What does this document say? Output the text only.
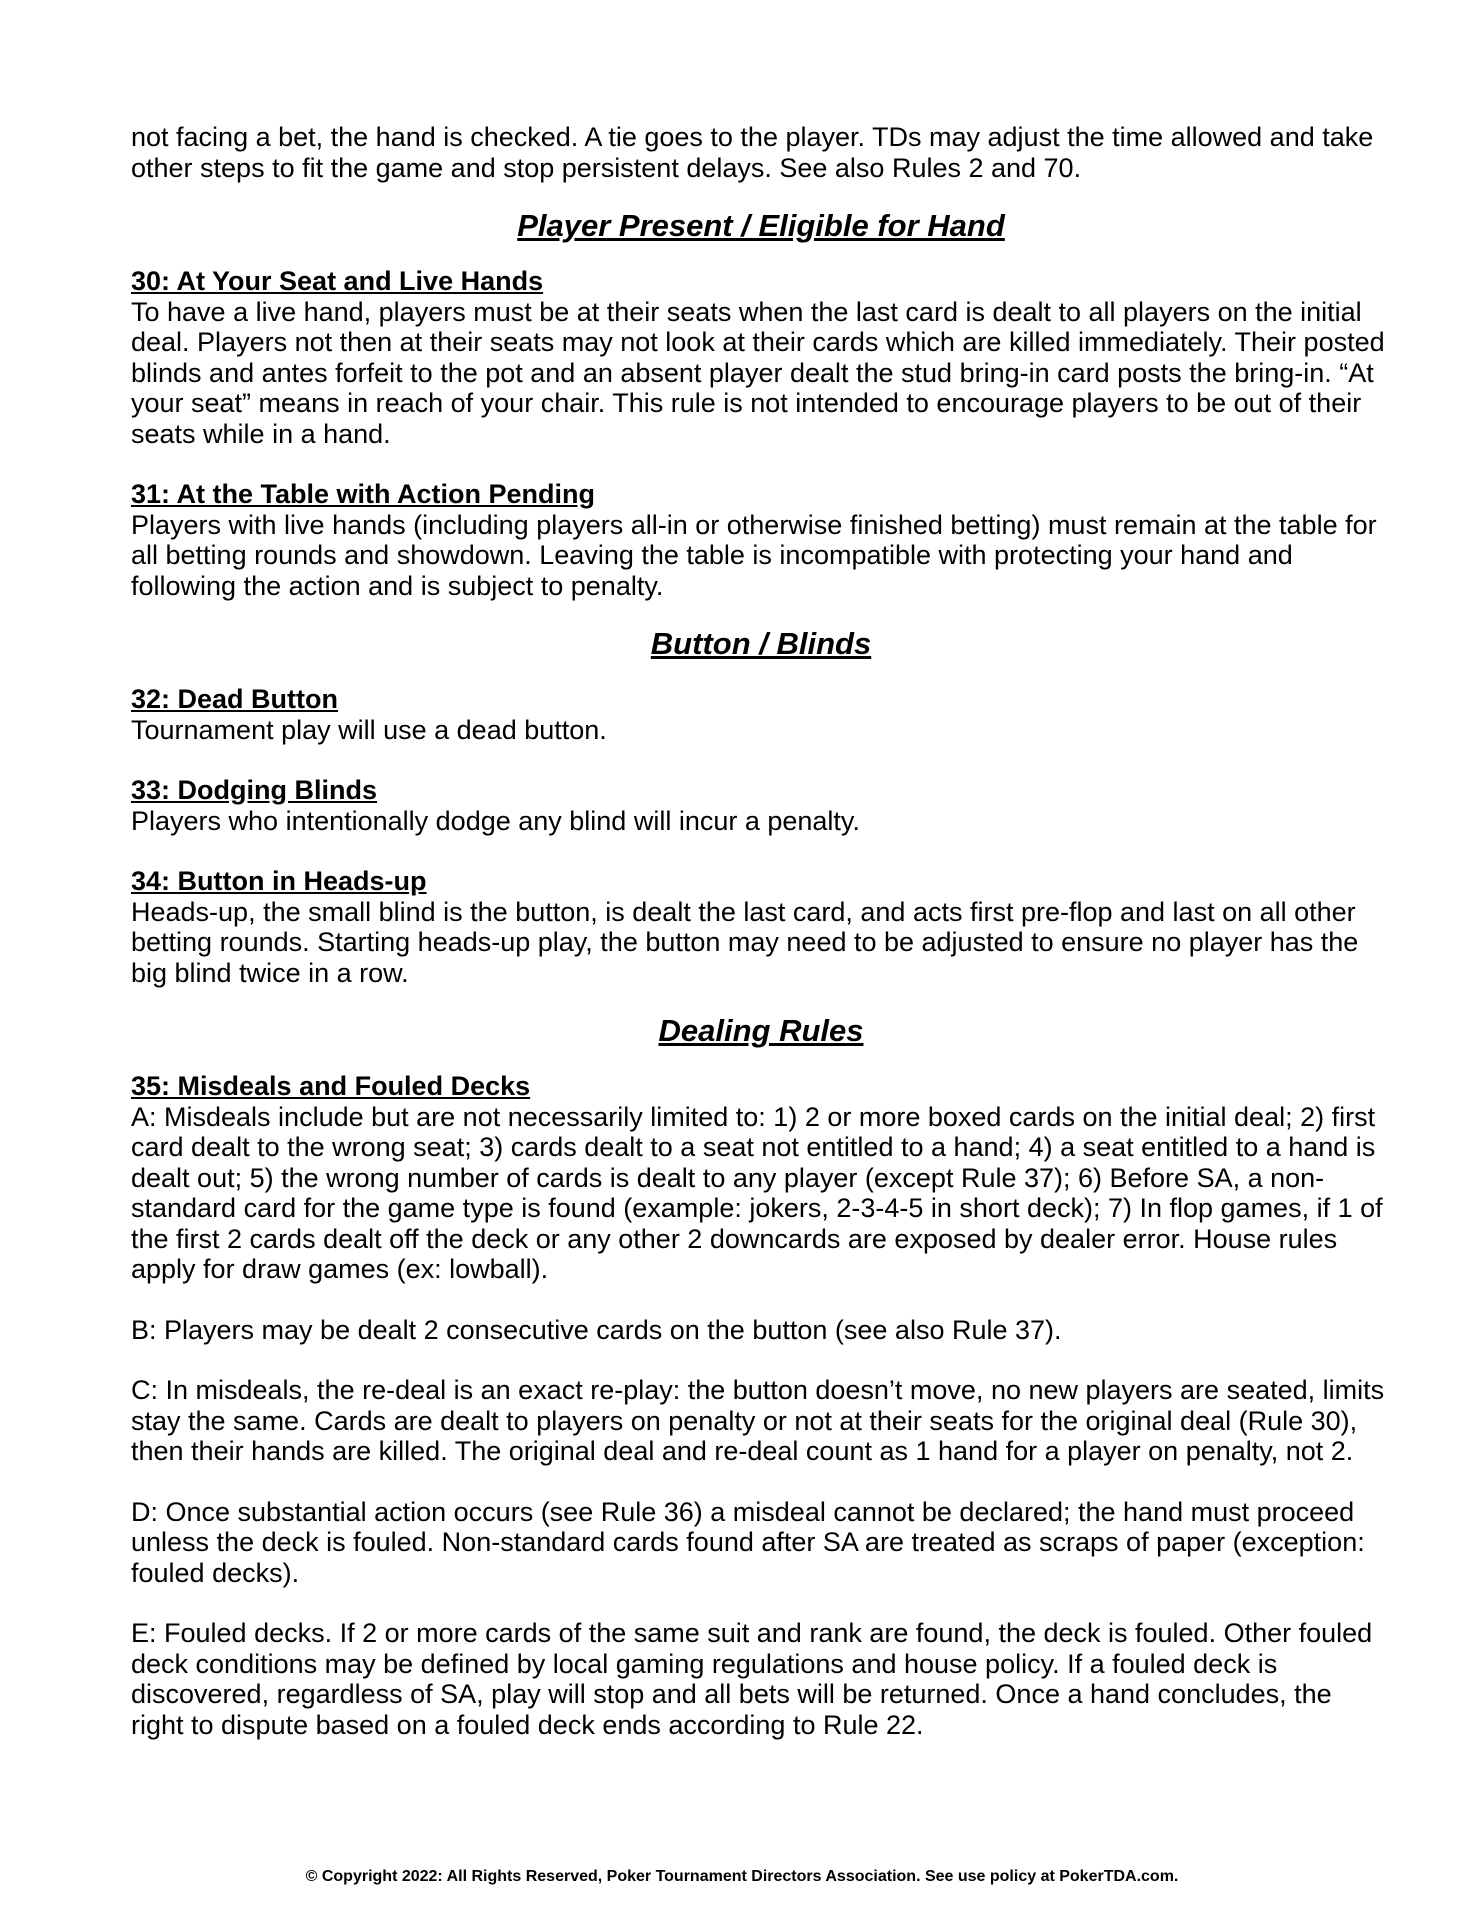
not facing a bet, the hand is checked. A tie goes to the player. TDs may adjust the time allowed and take other steps to fit the game and stop persistent delays. See also Rules 2 and 70.

Player Present / Eligible for Hand
30: At Your Seat and Live Hands

To have a live hand, players must be at their seats when the last card is dealt to all players on the initial deal. Players not then at their seats may not look at their cards which are killed immediately. Their posted blinds and antes forfeit to the pot and an absent player dealt the stud bring-in card posts the bring-in. “At your seat” means in reach of your chair. This rule is not intended to encourage players to be out of their seats while in a hand.

31: At the Table with Action Pending

Players with live hands (including players all-in or otherwise finished betting) must remain at the table for all betting rounds and showdown. Leaving the table is incompatible with protecting your hand and following the action and is subject to penalty.

Button / Blinds
32: Dead Button

Tournament play will use a dead button.

33: Dodging Blinds

Players who intentionally dodge any blind will incur a penalty.

34: Button in Heads-up

Heads-up, the small blind is the button, is dealt the last card, and acts first pre-flop and last on all other betting rounds. Starting heads-up play, the button may need to be adjusted to ensure no player has the big blind twice in a row.

Dealing Rules
35: Misdeals and Fouled Decks

A: Misdeals include but are not necessarily limited to: 1) 2 or more boxed cards on the initial deal; 2) first card dealt to the wrong seat; 3) cards dealt to a seat not entitled to a hand; 4) a seat entitled to a hand is dealt out; 5) the wrong number of cards is dealt to any player (except Rule 37); 6) Before SA, a non-standard card for the game type is found (example: jokers, 2-3-4-5 in short deck); 7) In flop games, if 1 of the first 2 cards dealt off the deck or any other 2 downcards are exposed by dealer error. House rules apply for draw games (ex: lowball).

B: Players may be dealt 2 consecutive cards on the button (see also Rule 37).

C: In misdeals, the re-deal is an exact re-play: the button doesn’t move, no new players are seated, limits stay the same. Cards are dealt to players on penalty or not at their seats for the original deal (Rule 30), then their hands are killed. The original deal and re-deal count as 1 hand for a player on penalty, not 2.

D: Once substantial action occurs (see Rule 36) a misdeal cannot be declared; the hand must proceed unless the deck is fouled. Non-standard cards found after SA are treated as scraps of paper (exception: fouled decks).

E: Fouled decks. If 2 or more cards of the same suit and rank are found, the deck is fouled. Other fouled deck conditions may be defined by local gaming regulations and house policy. If a fouled deck is discovered, regardless of SA, play will stop and all bets will be returned. Once a hand concludes, the right to dispute based on a fouled deck ends according to Rule 22.

© Copyright 2022: All Rights Reserved, Poker Tournament Directors Association. See use policy at PokerTDA.com.
